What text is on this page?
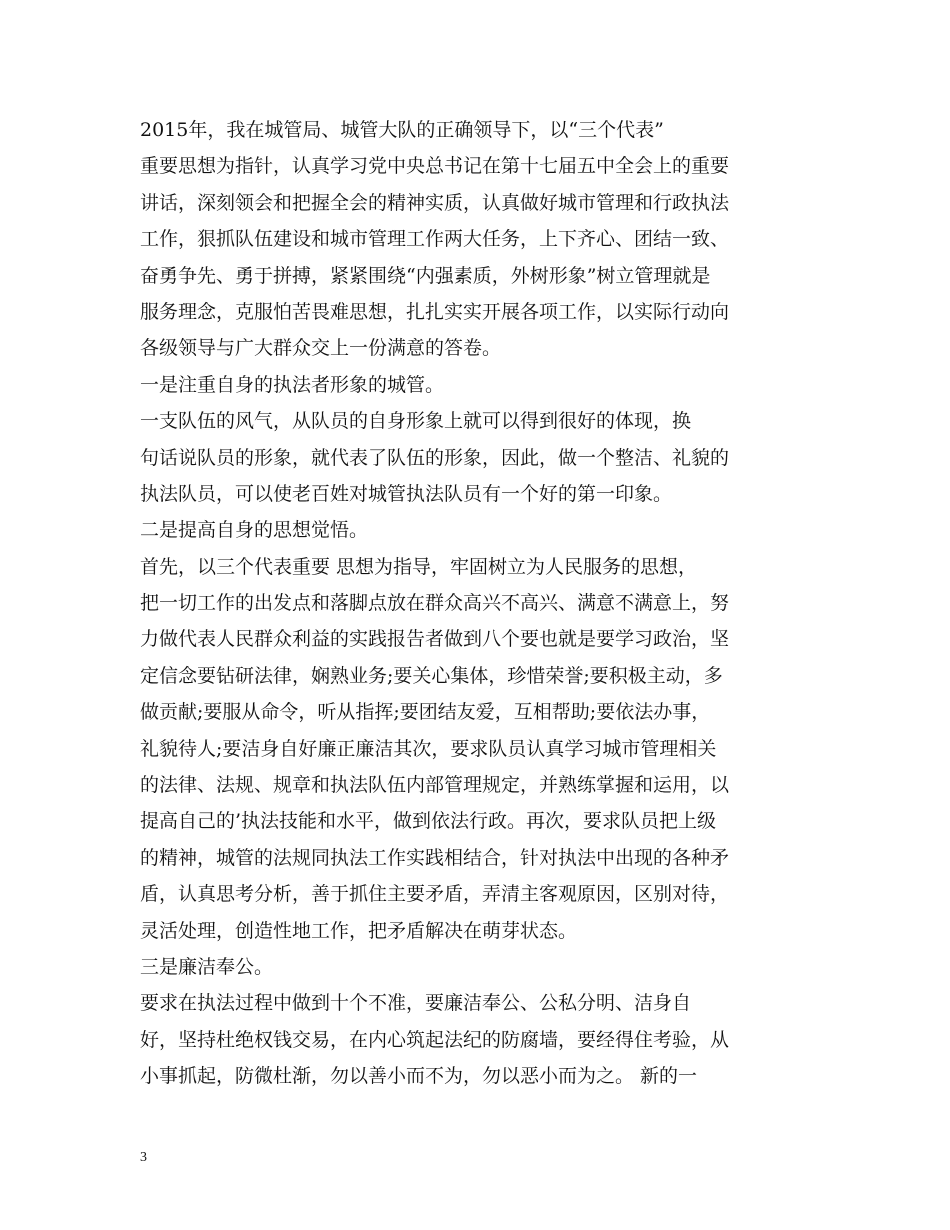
2015年，我在城管局、城管大队的正确领导下，以“三个代表”
重要思想为指针，认真学习党中央总书记在第十七届五中全会上的重要
讲话，深刻领会和把握全会的精神实质，认真做好城市管理和行政执法
工作，狠抓队伍建设和城市管理工作两大任务，上下齐心、团结一致、
奋勇争先、勇于拼搏，紧紧围绕“内强素质，外树形象”树立管理就是
服务理念，克服怕苦畏难思想，扎扎实实开展各项工作，以实际行动向
各级领导与广大群众交上一份满意的答卷。
一是注重自身的执法者形象的城管。
一支队伍的风气，从队员的自身形象上就可以得到很好的体现，换
句话说队员的形象，就代表了队伍的形象，因此，做一个整洁、礼貌的
执法队员，可以使老百姓对城管执法队员有一个好的第一印象。
二是提高自身的思想觉悟。
首先，以三个代表重要 思想为指导，牢固树立为人民服务的思想，
把一切工作的出发点和落脚点放在群众高兴不高兴、满意不满意上，努
力做代表人民群众利益的实践报告者做到八个要也就是要学习政治，坚
定信念要钻研法律，娴熟业务;要关心集体，珍惜荣誉;要积极主动，多
做贡献;要服从命令，听从指挥;要团结友爱，互相帮助;要依法办事，
礼貌待人;要洁身自好廉正廉洁其次，要求队员认真学习城市管理相关
的法律、法规、规章和执法队伍内部管理规定，并熟练掌握和运用，以
提高自己的’执法技能和水平，做到依法行政。再次，要求队员把上级
的精神，城管的法规同执法工作实践相结合，针对执法中出现的各种矛
盾，认真思考分析，善于抓住主要矛盾，弄清主客观原因，区别对待，
灵活处理，创造性地工作，把矛盾解决在萌芽状态。
三是廉洁奉公。
要求在执法过程中做到十个不准，要廉洁奉公、公私分明、洁身自
好，坚持杜绝权钱交易，在内心筑起法纪的防腐墙，要经得住考验，从
小事抓起，防微杜渐，勿以善小而不为，勿以恶小而为之。 新的一
3
